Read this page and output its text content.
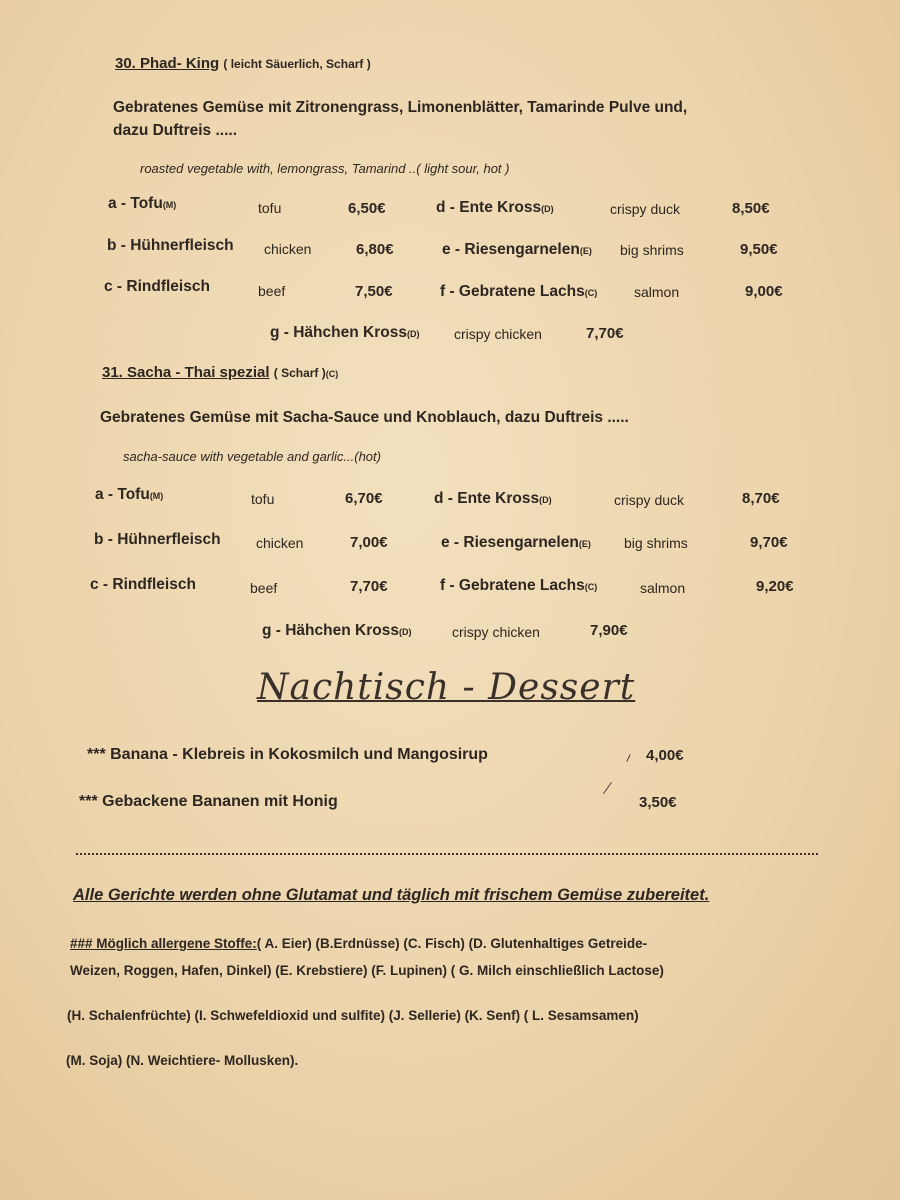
30. Phad- King ( leicht Säuerlich, Scharf )
Gebratenes Gemüse mit Zitronengrass, Limonenblätter, Tamarinde Pulve und,
dazu Duftreis .....
roasted vegetable with, lemongrass, Tamarind ..( light sour, hot )
a - Tofu(M)	tofu	6,50€
b - Hühnerfleisch chicken	6,80€
c - Rindfleisch	beef	7,50€
d - Ente Kross(D)	crispy duck	8,50€
e - Riesengarnelen(E) big shrims	9,50€
f - Gebratene Lachs(C)	salmon	9,00€
g - Hähchen Kross(D) crispy chicken	7,70€
31. Sacha - Thai spezial ( Scharf )(C)
Gebratenes Gemüse mit Sacha-Sauce und Knoblauch, dazu Duftreis .....
sacha-sauce with vegetable and garlic...(hot)
a - Tofu(M)	tofu	6,70€
b - Hühnerfleisch	chicken	7,00€
c - Rindfleisch	beef	7,70€
d - Ente Kross(D)	crispy duck	8,70€
e - Riesengarnelen(E) big shrims	9,70€
f - Gebratene Lachs(C)	salmon	9,20€
g - Hähchen Kross(D)	crispy chicken	7,90€
Nachtisch - Dessert
*** Banana - Klebreis in Kokosmilch und Mangosirup	4,00€
*** Gebackene Bananen mit Honig	3,50€
Alle Gerichte werden ohne Glutamat und täglich mit frischem Gemüse zubereitet.
### Möglich allergene Stoffe:( A. Eier) (B.Erdnüsse) (C. Fisch) (D. Glutenhaltiges Getreide-
Weizen, Roggen, Hafen, Dinkel) (E. Krebstiere) (F. Lupinen) ( G. Milch einschließlich Lactose)
(H. Schalenfrüchte) (I. Schwefeldioxid und sulfite) (J. Sellerie) (K. Senf) ( L. Sesamsamen)
(M. Soja) (N. Weichtiere- Mollusken).
